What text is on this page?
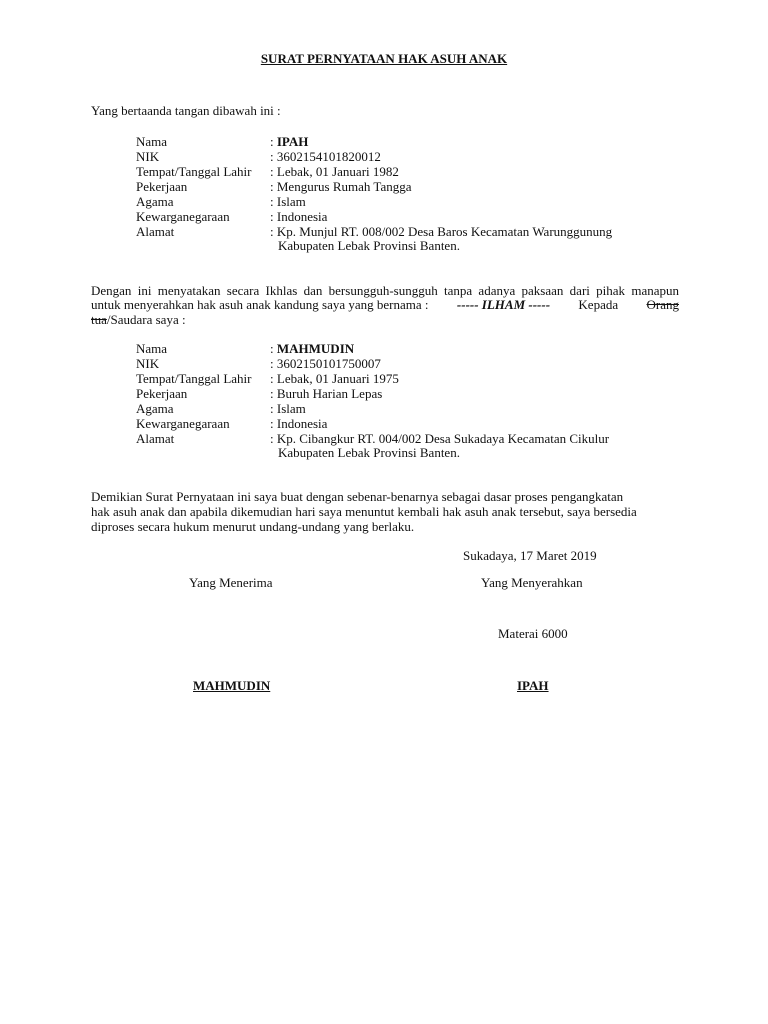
SURAT PERNYATAAN HAK ASUH ANAK
Yang bertaanda tangan dibawah ini :
Nama	: IPAH
NIK	: 3602154101820012
Tempat/Tanggal Lahir : Lebak, 01 Januari 1982
Pekerjaan	: Mengurus Rumah Tangga
Agama	: Islam
Kewarganegaraan	: Indonesia
Alamat	: Kp. Munjul RT. 008/002 Desa Baros Kecamatan Warunggunung
Kabupaten Lebak Provinsi Banten.
Dengan ini menyatakan secara Ikhlas dan bersungguh-sungguh tanpa adanya paksaan dari pihak manapun
untuk menyerahkan hak asuh anak kandung saya yang bernama : ----- ILHAM ----- Kepada Orang
tua/Saudara saya :
Nama	: MAHMUDIN
NIK	: 3602150101750007
Tempat/Tanggal Lahir : Lebak, 01 Januari 1975
Pekerjaan	: Buruh Harian Lepas
Agama	: Islam
Kewarganegaraan	: Indonesia
Alamat	: Kp. Cibangkur RT. 004/002 Desa Sukadaya Kecamatan Cikulur
Kabupaten Lebak Provinsi Banten.
Demikian Surat Pernyataan ini saya buat dengan sebenar-benarnya sebagai dasar proses pengangkatan
hak asuh anak dan apabila dikemudian hari saya menuntut kembali hak asuh anak tersebut, saya bersedia
diproses secara hukum menurut undang-undang yang berlaku.
Sukadaya, 17 Maret 2019
Yang Menerima	Yang Menyerahkan
Materai 6000
MAHMUDIN	IPAH
